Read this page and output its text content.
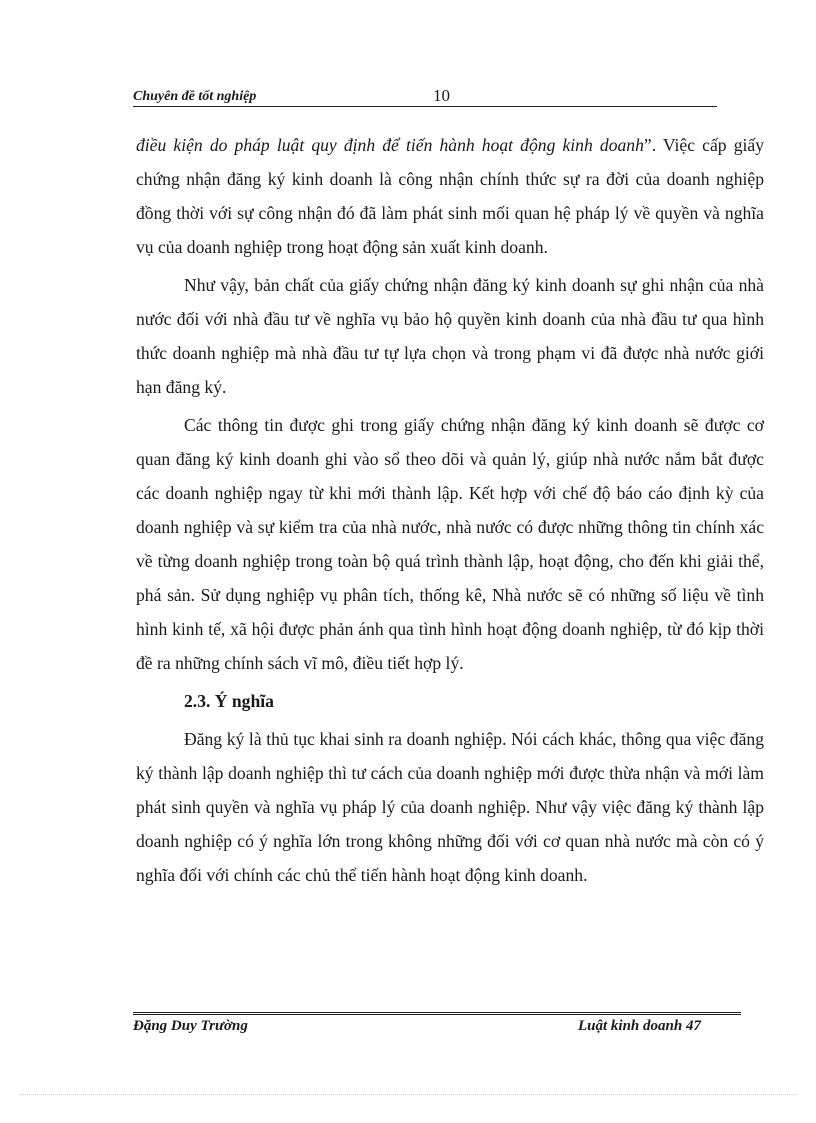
Chuyên đề tốt nghiệp	10

điều kiện do pháp luật quy định để tiến hành hoạt động kinh doanh”. Việc cấp giấy chứng nhận đăng ký kinh doanh là công nhận chính thức sự ra đời của doanh nghiệp đồng thời với sự công nhận đó đã làm phát sinh mối quan hệ pháp lý về quyền và nghĩa vụ của doanh nghiệp trong hoạt động sản xuất kinh doanh.

Như vậy, bản chất của giấy chứng nhận đăng ký kinh doanh sự ghi nhận của nhà nước đối với nhà đầu tư về nghĩa vụ bảo hộ quyền kinh doanh của nhà đầu tư qua hình thức doanh nghiệp mà nhà đầu tư tự lựa chọn và trong phạm vi đã được nhà nước giới hạn đăng ký.

Các thông tin được ghi trong giấy chứng nhận đăng ký kinh doanh sẽ được cơ quan đăng ký kinh doanh ghi vào sổ theo dõi và quản lý, giúp nhà nước nắm bắt được các doanh nghiệp ngay từ khi mới thành lập. Kết hợp với chế độ báo cáo định kỳ của doanh nghiệp và sự kiểm tra của nhà nước, nhà nước có được những thông tin chính xác về từng doanh nghiệp trong toàn bộ quá trình thành lập, hoạt động, cho đến khi giải thể, phá sản. Sử dụng nghiệp vụ phân tích, thống kê, Nhà nước sẽ có những số liệu về tình hình kinh tế, xã hội được phản ánh qua tình hình hoạt động doanh nghiệp, từ đó kịp thời đề ra những chính sách vĩ mô, điều tiết hợp lý.

2.3. Ý nghĩa

Đăng ký là thủ tục khai sinh ra doanh nghiệp. Nói cách khác, thông qua việc đăng ký thành lập doanh nghiệp thì tư cách của doanh nghiệp mới được thừa nhận và mới làm phát sinh quyền và nghĩa vụ pháp lý của doanh nghiệp. Như vậy việc đăng ký thành lập doanh nghiệp có ý nghĩa lớn trong không những đối với cơ quan nhà nước mà còn có ý nghĩa đối với chính các chủ thể tiến hành hoạt động kinh doanh.

Đặng Duy Trường	Luật kinh doanh 47
